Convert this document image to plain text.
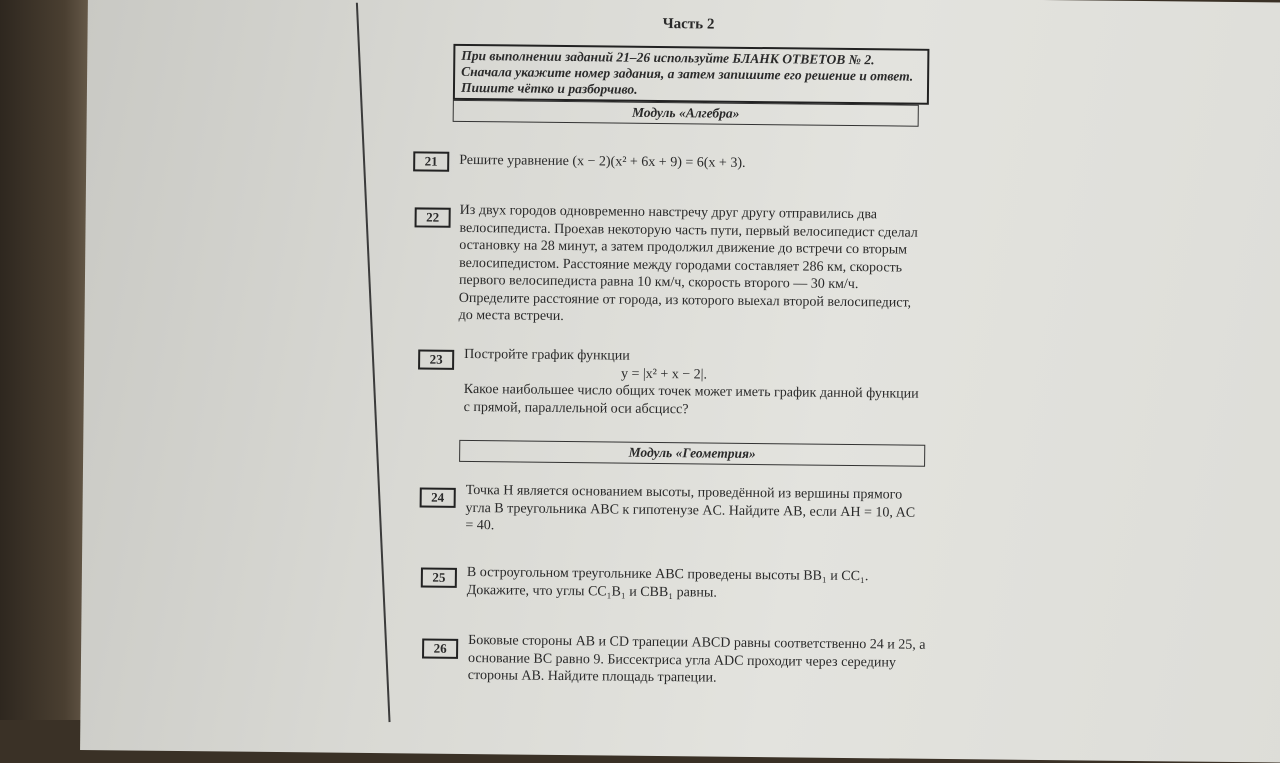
Часть 2
При выполнении заданий 21–26 используйте БЛАНК ОТВЕТОВ № 2. Сначала укажите номер задания, а затем запишите его решение и ответ. Пишите чётко и разборчиво.
Модуль «Алгебра»
21	Решите уравнение (x − 2)(x² + 6x + 9) = 6(x + 3).
22	Из двух городов одновременно навстречу друг другу отправились два велосипедиста. Проехав некоторую часть пути, первый велосипедист сделал остановку на 28 минут, а затем продолжил движение до встречи со вторым велосипедистом. Расстояние между городами составляет 286 км, скорость первого велосипедиста равна 10 км/ч, скорость второго — 30 км/ч. Определите расстояние от города, из которого выехал второй велосипедист, до места встречи.
23	Постройте график функции
y = |x² + x − 2|.
Какое наибольшее число общих точек может иметь график данной функции с прямой, параллельной оси абсцисс?
Модуль «Геометрия»
24	Точка H является основанием высоты, проведённой из вершины прямого угла B треугольника ABC к гипотенузе AC. Найдите AB, если AH = 10, AC = 40.
25	В остроугольном треугольнике ABC проведены высоты BB₁ и CC₁. Докажите, что углы CC₁B₁ и CBB₁ равны.
26	Боковые стороны AB и CD трапеции ABCD равны соответственно 24 и 25, а основание BC равно 9. Биссектриса угла ADC проходит через середину стороны AB. Найдите площадь трапеции.
